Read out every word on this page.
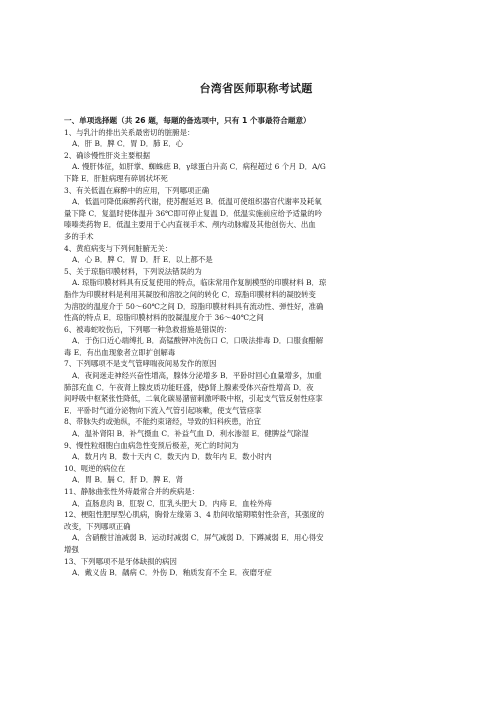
台湾省医师职称考试题

一、单项选择题（共 26 题，每题的备选项中，只有 1 个事最符合题意）

1、与乳汁的排出关系最密切的脏腑是：

A．肝 B．脾 C．胃 D．肺 E．心

2、确诊慢性肝炎主要根据

A. 慢肝体征，如肝掌、蜘蛛痣 B．γ球蛋白升高 C．病程超过 6 个月 D．A/G

下降 E．肝脏病理有碎屑状坏死

3、有关低温在麻醉中的应用，下列哪项正确

A．低温可降低麻醉药代谢，使苏醒延迟 B．低温可使组织器官代谢率及耗氧

量下降 C．复温时使体温升 36℃即可停止复温 D．低温实施前应给予适量的吟

嗪嗪类药物 E．低温主要用于心内直视手术、颅内动脉瘤及其他创伤大、出血

多的手术

4、黄疸病变与下列何脏腑无关：

A．心 B．脾 C．胃 D．肝 E．以上都不是

5、关于琼脂印膜材料，下列说法错误的为

A. 琼脂印膜材料具有反复使用的特点，临床常用作复制模型的印膜材料 B．琼

脂作为印膜材料是利用其凝胶和溶胶之间的转化 C．琼脂印膜材料的凝胶转变

为溶胶的温度介于 50～60℃之间 D．琼脂印膜材料具有流动性、弹性好，准确

性高的特点 E．琼脂印膜材料的胶凝温度介于 36～40℃之间

6、被毒蛇咬伤后，下列哪一种急救措施是错误的：

A．于伤口近心端缚扎 B．高锰酸钾冲洗伤口 C．口吸法排毒 D．口服食醋解

毒 E．有出血现象者立即扩创解毒

7、下列哪项不是支气管哮喘夜间易发作的原因

A．夜间迷走神经兴奋性增高，腺体分泌增多 B．平卧时回心血量增多，加重

肺部充血 C．午夜肾上腺皮质功能旺盛，使β肾上腺素受体兴奋性增高 D．夜

间呼吸中枢紧张性降低，二氧化碳易潴留刺激呼吸中枢，引起支气管反射性痉挛

E．平卧时气道分泌物向下流入气管引起咳嗽，使支气管痉挛

8、带脉失约或弛纵，不能约束诸经，导致的妇科疾患，治宜

A．温补肾阳 B．补气摄血 C．补益气血 D．利水渗湿 E．健脾益气除湿

9、慢性粒细胞白血病急性变预后极差，死亡的时间为

A．数月内 B．数十天内 C．数天内 D．数年内 E．数小时内

10、呃逆的病位在

A．胃 B．膈 C．肝 D．脾 E．肾

11、静脉曲张性外痔最常合并的疾病是：

A．直肠息肉 B．肛裂 C．肛乳头肥大 D．内痔 E．血栓外痔

12、梗阻性肥厚型心肌病，胸骨左缘第 3、4 肋间收缩期喷射性杂音，其强度的

改变，下列哪项正确

A．含硝酸甘油减弱 B．运动时减弱 C．屏气减弱 D．下蹲减弱 E．用心得安

增强

13、下列哪项不是牙体缺损的病因

A．戴义齿 B．龋病 C．外伤 D．釉质发育不全 E．夜磨牙症
